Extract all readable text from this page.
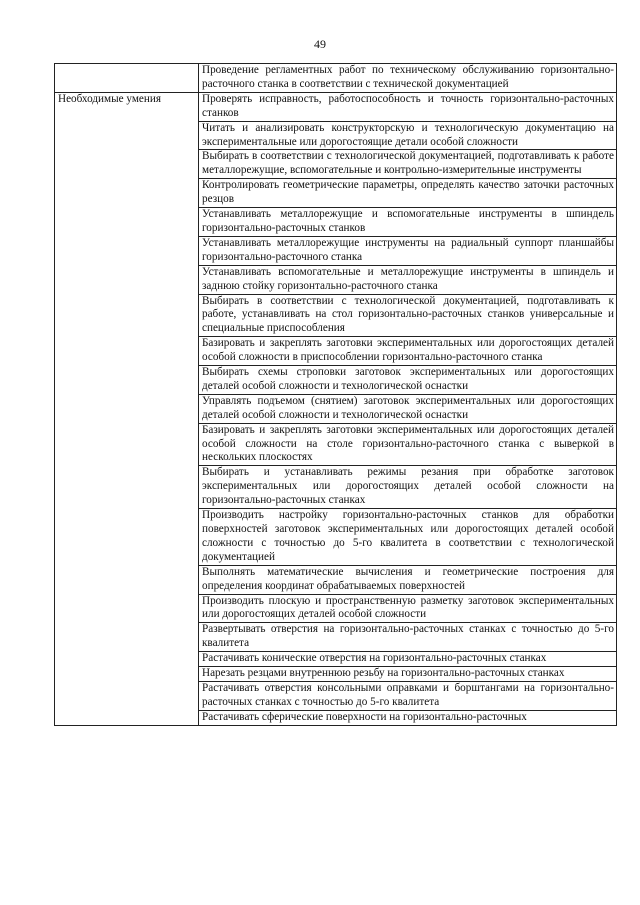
49
	Проведение регламентных работ по техническому обслуживанию горизонтально-расточного станка в соответствии с технической документацией
Необходимые умения	Проверять исправность, работоспособность и точность горизонтально-расточных станков
	Читать и анализировать конструкторскую и технологическую документацию на экспериментальные или дорогостоящие детали особой сложности
	Выбирать в соответствии с технологической документацией, подготавливать к работе металлорежущие, вспомогательные и контрольно-измерительные инструменты
	Контролировать геометрические параметры, определять качество заточки расточных резцов
	Устанавливать металлорежущие и вспомогательные инструменты в шпиндель горизонтально-расточных станков
	Устанавливать металлорежущие инструменты на радиальный суппорт планшайбы горизонтально-расточного станка
	Устанавливать вспомогательные и металлорежущие инструменты в шпиндель и заднюю стойку горизонтально-расточного станка
	Выбирать в соответствии с технологической документацией, подготавливать к работе, устанавливать на стол горизонтально-расточных станков универсальные и специальные приспособления
	Базировать и закреплять заготовки экспериментальных или дорогостоящих деталей особой сложности в приспособлении горизонтально-расточного станка
	Выбирать схемы строповки заготовок экспериментальных или дорогостоящих деталей особой сложности и технологической оснастки
	Управлять подъемом (снятием) заготовок экспериментальных или дорогостоящих деталей особой сложности и технологической оснастки
	Базировать и закреплять заготовки экспериментальных или дорогостоящих деталей особой сложности на столе горизонтально-расточного станка с выверкой в нескольких плоскостях
	Выбирать и устанавливать режимы резания при обработке заготовок экспериментальных или дорогостоящих деталей особой сложности на горизонтально-расточных станках
	Производить настройку горизонтально-расточных станков для обработки поверхностей заготовок экспериментальных или дорогостоящих деталей особой сложности с точностью до 5-го квалитета в соответствии с технологической документацией
	Выполнять математические вычисления и геометрические построения для определения координат обрабатываемых поверхностей
	Производить плоскую и пространственную разметку заготовок экспериментальных или дорогостоящих деталей особой сложности
	Развертывать отверстия на горизонтально-расточных станках с точностью до 5-го квалитета
	Растачивать конические отверстия на горизонтально-расточных станках
	Нарезать резцами внутреннюю резьбу на горизонтально-расточных станках
	Растачивать отверстия консольными оправками и борштангами на горизонтально-расточных станках с точностью до 5-го квалитета
	Растачивать сферические поверхности на горизонтально-расточных
